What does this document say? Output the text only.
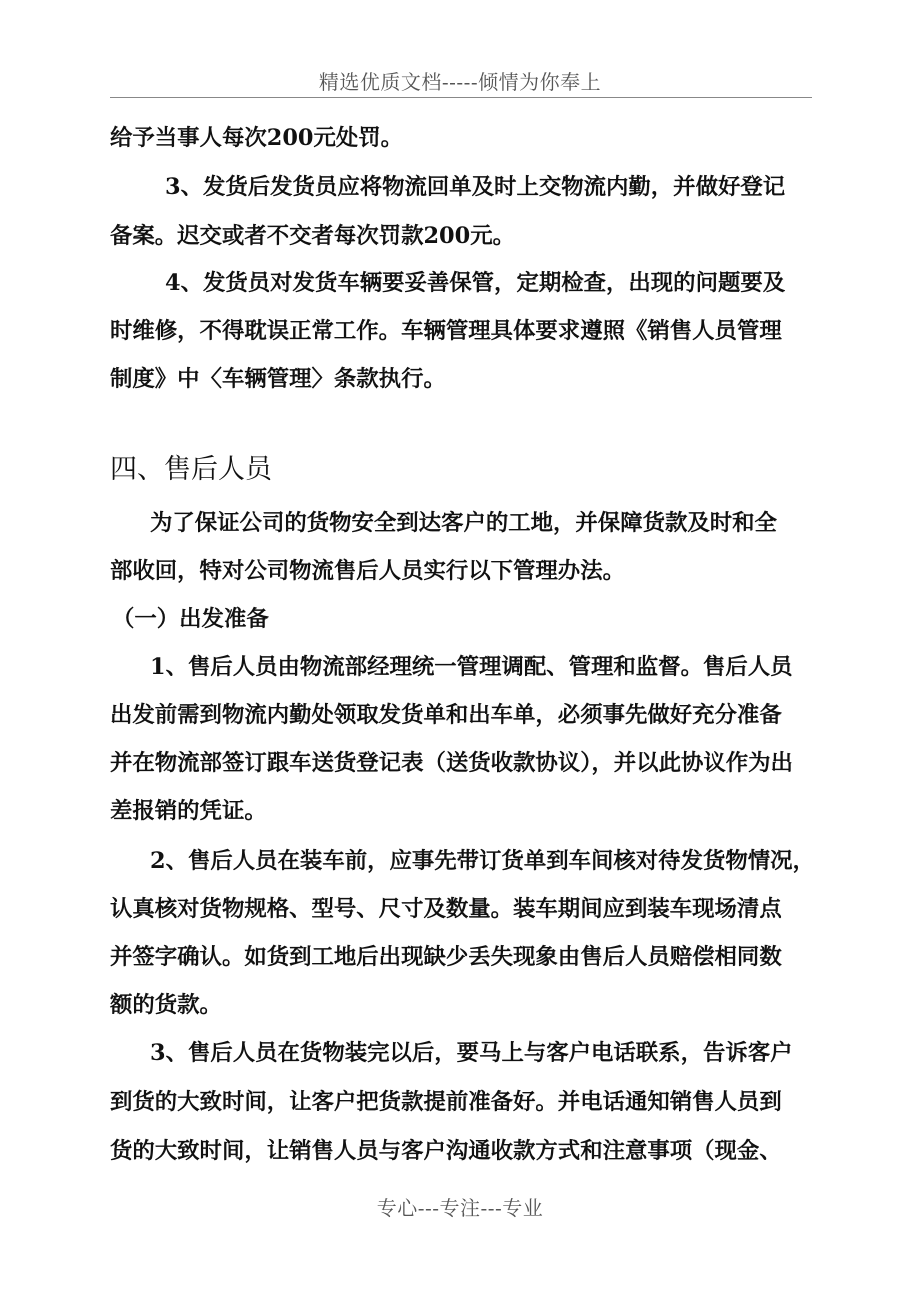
精选优质文档-----倾情为你奉上
给予当事人每次200元处罚。
3、发货后发货员应将物流回单及时上交物流内勤，并做好登记
备案。迟交或者不交者每次罚款200元。
4、发货员对发货车辆要妥善保管，定期检查，出现的问题要及
时维修，不得耽误正常工作。车辆管理具体要求遵照《销售人员管理
制度》中〈车辆管理〉条款执行。
四、售后人员
为了保证公司的货物安全到达客户的工地，并保障货款及时和全
部收回，特对公司物流售后人员实行以下管理办法。
（一）出发准备
1、售后人员由物流部经理统一管理调配、管理和监督。售后人员
出发前需到物流内勤处领取发货单和出车单，必须事先做好充分准备
并在物流部签订跟车送货登记表（送货收款协议），并以此协议作为出
差报销的凭证。
2、售后人员在装车前，应事先带订货单到车间核对待发货物情况，
认真核对货物规格、型号、尺寸及数量。装车期间应到装车现场清点
并签字确认。如货到工地后出现缺少丢失现象由售后人员赔偿相同数
额的货款。
3、售后人员在货物装完以后，要马上与客户电话联系，告诉客户
到货的大致时间，让客户把货款提前准备好。并电话通知销售人员到
货的大致时间，让销售人员与客户沟通收款方式和注意事项（现金、
专心---专注---专业
